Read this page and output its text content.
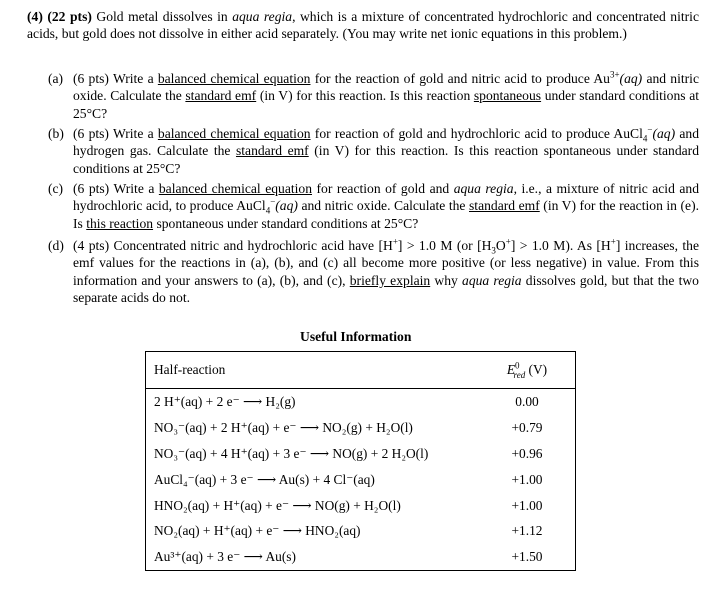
(4) (22 pts) Gold metal dissolves in aqua regia, which is a mixture of concentrated hydrochloric and concentrated nitric acids, but gold does not dissolve in either acid separately. (You may write net ionic equations in this problem.)

(a) (6 pts) Write a balanced chemical equation for the reaction of gold and nitric acid to produce $Au^{3+}(aq)$ and nitric oxide. Calculate the standard emf (in V) for this reaction. Is this reaction spontaneous under standard conditions at 25°C?
(b) (6 pts) Write a balanced chemical equation for reaction of gold and hydrochloric acid to produce AuCl$_4$−(aq) and hydrogen gas. Calculate the standard emf (in V) for this reaction. Is this reaction spontaneous under standard conditions at 25°C?
(c) (6 pts) Write a balanced chemical equation for reaction of gold and aqua regia, i.e., a mixture of nitric acid and hydrochloric acid, to produce AuCl$_4$−(aq) and nitric oxide. Calculate the standard emf (in V) for the reaction in (e). Is this reaction spontaneous under standard conditions at 25°C?
(d) (4 pts) Concentrated nitric and hydrochloric acid have [H+] > 1.0 M (or $[H_3O^+] > 1.0$ M). As [H+] increases, the emf values for the reactions in (a), (b), and (c) all become more positive (or less negative) in value. From this information and your answers to (a), (b), and (c), briefly explain why aqua regia dissolves gold, but that the two separate acids do not.
Useful Information
Half-reaction	$E^0_{red}$ (V)
2 H⁺(aq) + 2 e⁻ ⟶ H₂(g)	0.00
NO₃⁻(aq) + 2 H⁺(aq) + e⁻ ⟶ NO₂(g) + H₂O(l)	+0.79
NO₃⁻(aq) + 4 H⁺(aq) + 3 e⁻ ⟶ NO(g) + 2 H₂O(l)	+0.96
AuCl₄⁻(aq) + 3 e⁻ ⟶ Au(s) + 4 Cl⁻(aq)	+1.00
HNO₂(aq) + H⁺(aq) + e⁻ ⟶ NO(g) + H₂O(l)	+1.00
NO₂(aq) + H⁺(aq) + e⁻ ⟶ HNO₂(aq)	+1.12
Au³⁺(aq) + 3 e⁻ ⟶ Au(s)	+1.50
